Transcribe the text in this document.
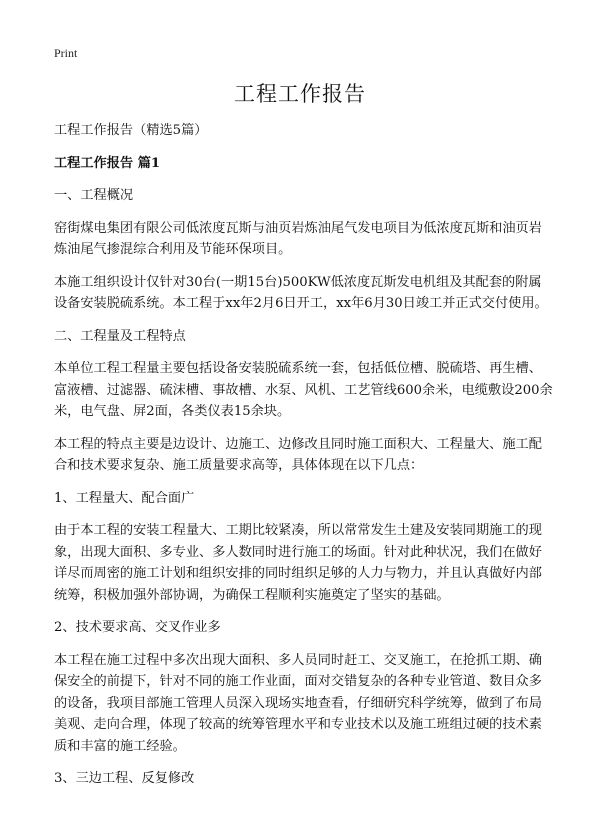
Print
工程工作报告

工程工作报告（精选5篇）

工程工作报告 篇1

一、工程概况

窑街煤电集团有限公司低浓度瓦斯与油页岩炼油尾气发电项目为低浓度瓦斯和油页岩炼油尾气掺混综合利用及节能环保项目。

本施工组织设计仅针对30台(一期15台)500KW低浓度瓦斯发电机组及其配套的附属设备安装脱硫系统。本工程于xx年2月6日开工，xx年6月30日竣工并正式交付使用。

二、工程量及工程特点

本单位工程工程量主要包括设备安装脱硫系统一套，包括低位槽、脱硫塔、再生槽、富液槽、过滤器、硫沫槽、事故槽、水泵、风机、工艺管线600余米，电缆敷设200余米，电气盘、屏2面，各类仪表15余块。

本工程的特点主要是边设计、边施工、边修改且同时施工面积大、工程量大、施工配合和技术要求复杂、施工质量要求高等，具体体现在以下几点：

1、工程量大、配合面广

由于本工程的安装工程量大、工期比较紧凑，所以常常发生土建及安装同期施工的现象，出现大面积、多专业、多人数同时进行施工的场面。针对此种状况，我们在做好详尽而周密的施工计划和组织安排的同时组织足够的人力与物力，并且认真做好内部统筹，积极加强外部协调，为确保工程顺利实施奠定了坚实的基础。

2、技术要求高、交叉作业多

本工程在施工过程中多次出现大面积、多人员同时赶工、交叉施工，在抢抓工期、确保安全的前提下，针对不同的施工作业面，面对交错复杂的各种专业管道、数目众多的设备，我项目部施工管理人员深入现场实地查看，仔细研究科学统筹，做到了布局美观、走向合理，体现了较高的统筹管理水平和专业技术以及施工班组过硬的技术素质和丰富的施工经验。

3、三边工程、反复修改
